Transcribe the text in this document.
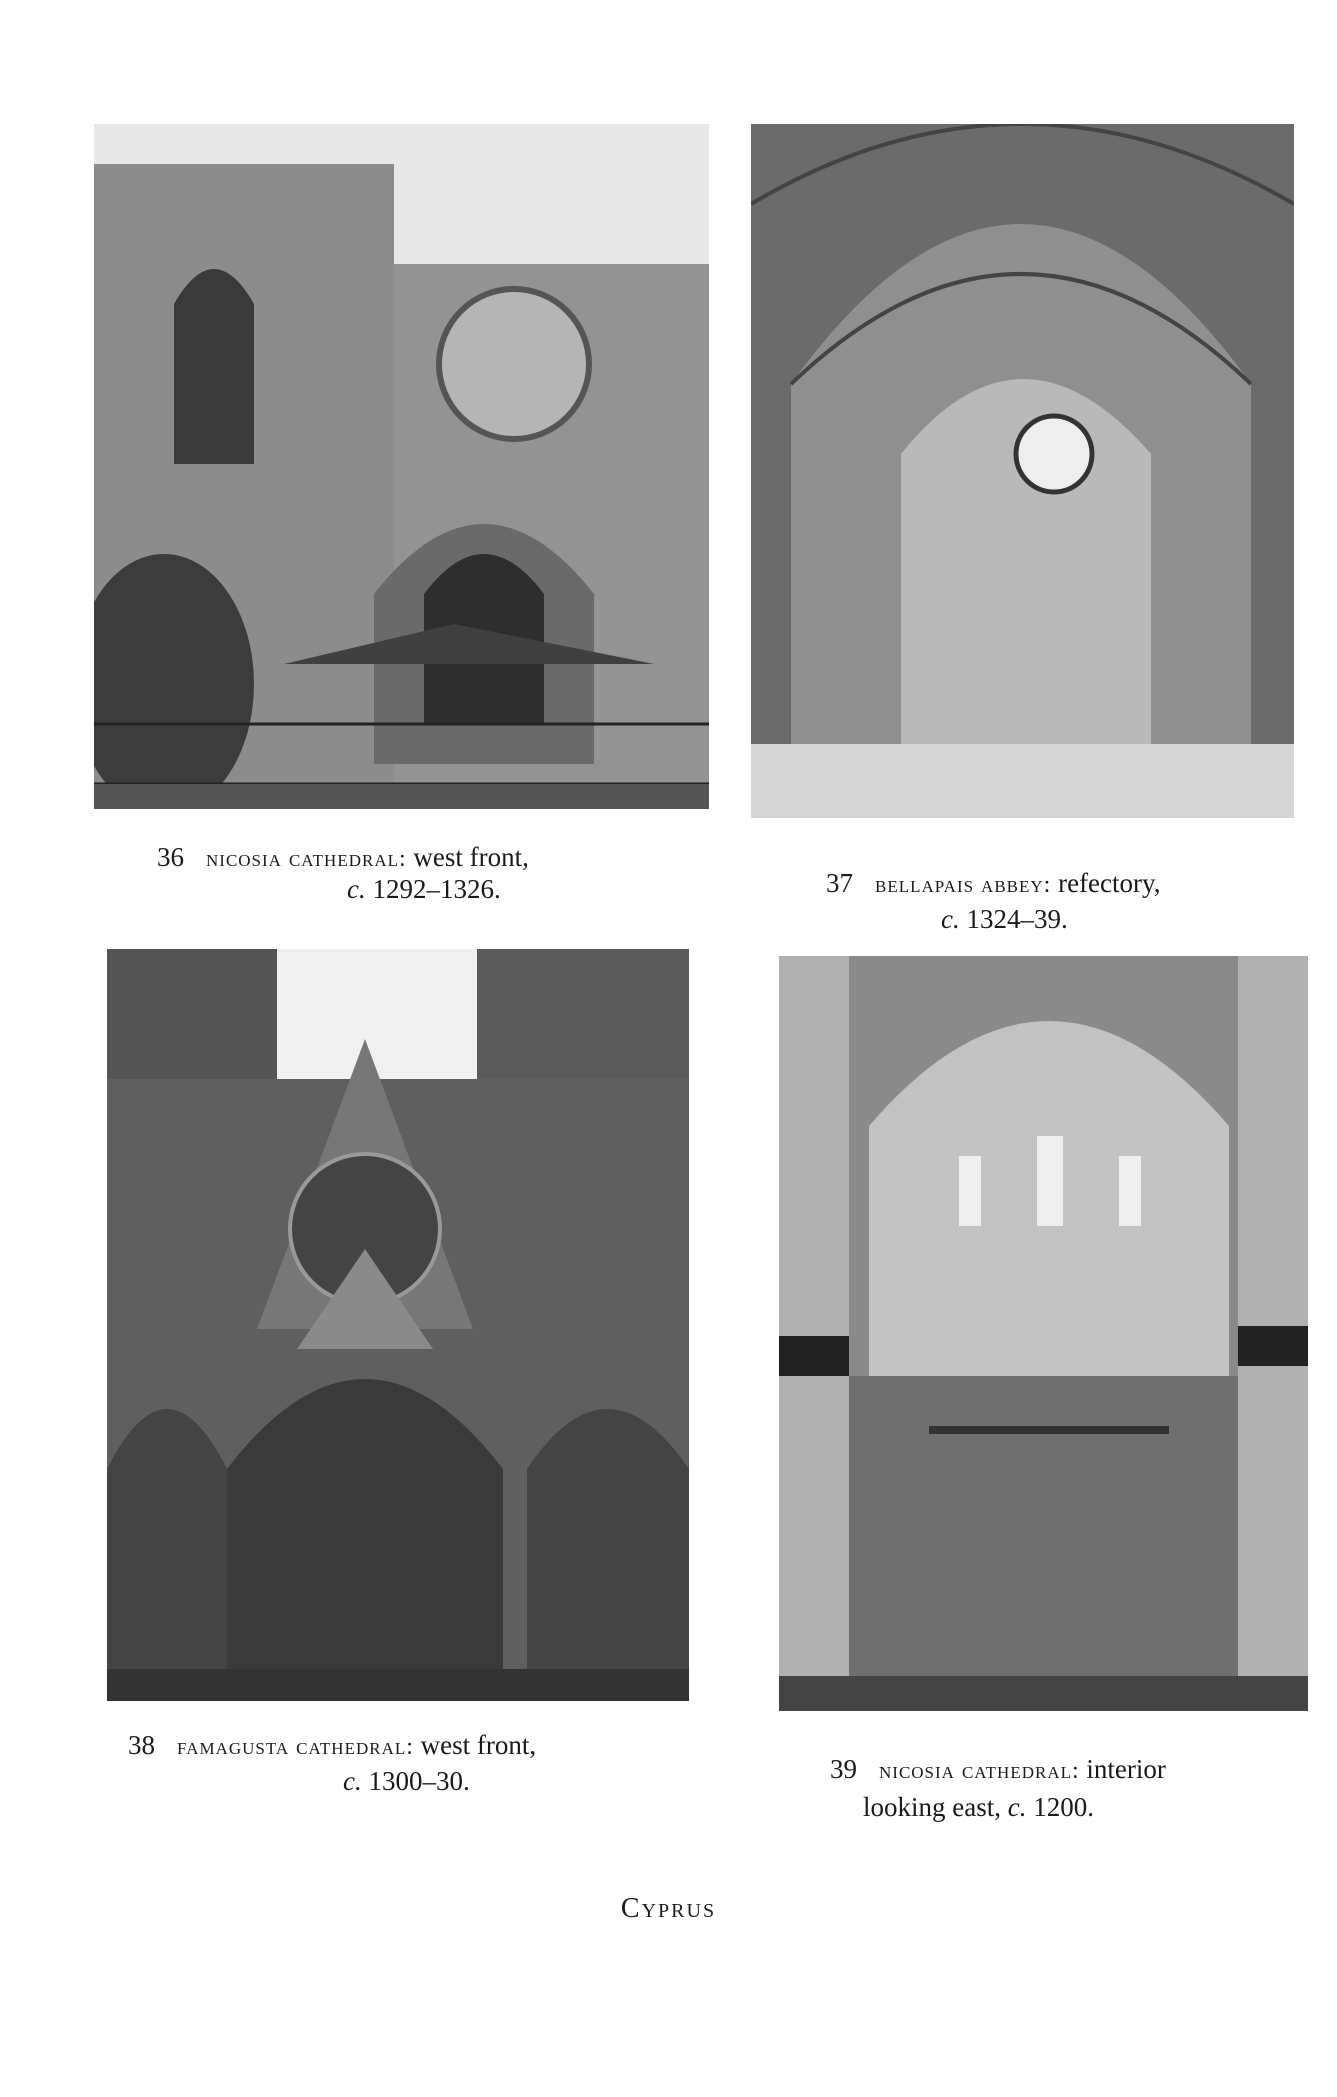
36 nicosia cathedral: west front,
c. 1292–1326.	37 bellapais abbey: refectory,
c. 1324–39.
38 famagusta cathedral: west front,
c. 1300–30.	39 nicosia cathedral: interior
looking east, c. 1200.
Cyprus
